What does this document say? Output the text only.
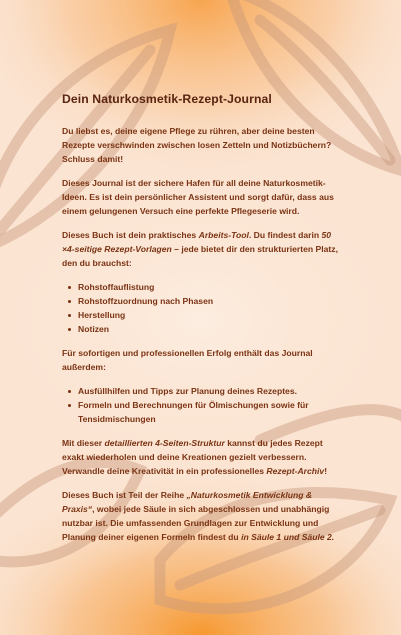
Dein Naturkosmetik-Rezept-Journal

Du liebst es, deine eigene Pflege zu rühren, aber deine besten Rezepte verschwinden zwischen losen Zetteln und Notizbüchern? Schluss damit!

Dieses Journal ist der sichere Hafen für all deine Naturkosmetik-Ideen. Es ist dein persönlicher Assistent und sorgt dafür, dass aus einem gelungenen Versuch eine perfekte Pflegeserie wird.

Dieses Buch ist dein praktisches Arbeits-Tool. Du findest darin 50 ×4-seitige Rezept-Vorlagen – jede bietet dir den strukturierten Platz, den du brauchst:

Rohstoffauflistung
Rohstoffzuordnung nach Phasen
Herstellung
Notizen

Für sofortigen und professionellen Erfolg enthält das Journal außerdem:

Ausfüllhilfen und Tipps zur Planung deines Rezeptes.
Formeln und Berechnungen für Ölmischungen sowie für Tensidmischungen

Mit dieser detaillierten 4-Seiten-Struktur kannst du jedes Rezept exakt wiederholen und deine Kreationen gezielt verbessern. Verwandle deine Kreativität in ein professionelles Rezept-Archiv!

Dieses Buch ist Teil der Reihe „Naturkosmetik Entwicklung & Praxis“, wobei jede Säule in sich abgeschlossen und unabhängig nutzbar ist. Die umfassenden Grundlagen zur Entwicklung und Planung deiner eigenen Formeln findest du in Säule 1 und Säule 2.
